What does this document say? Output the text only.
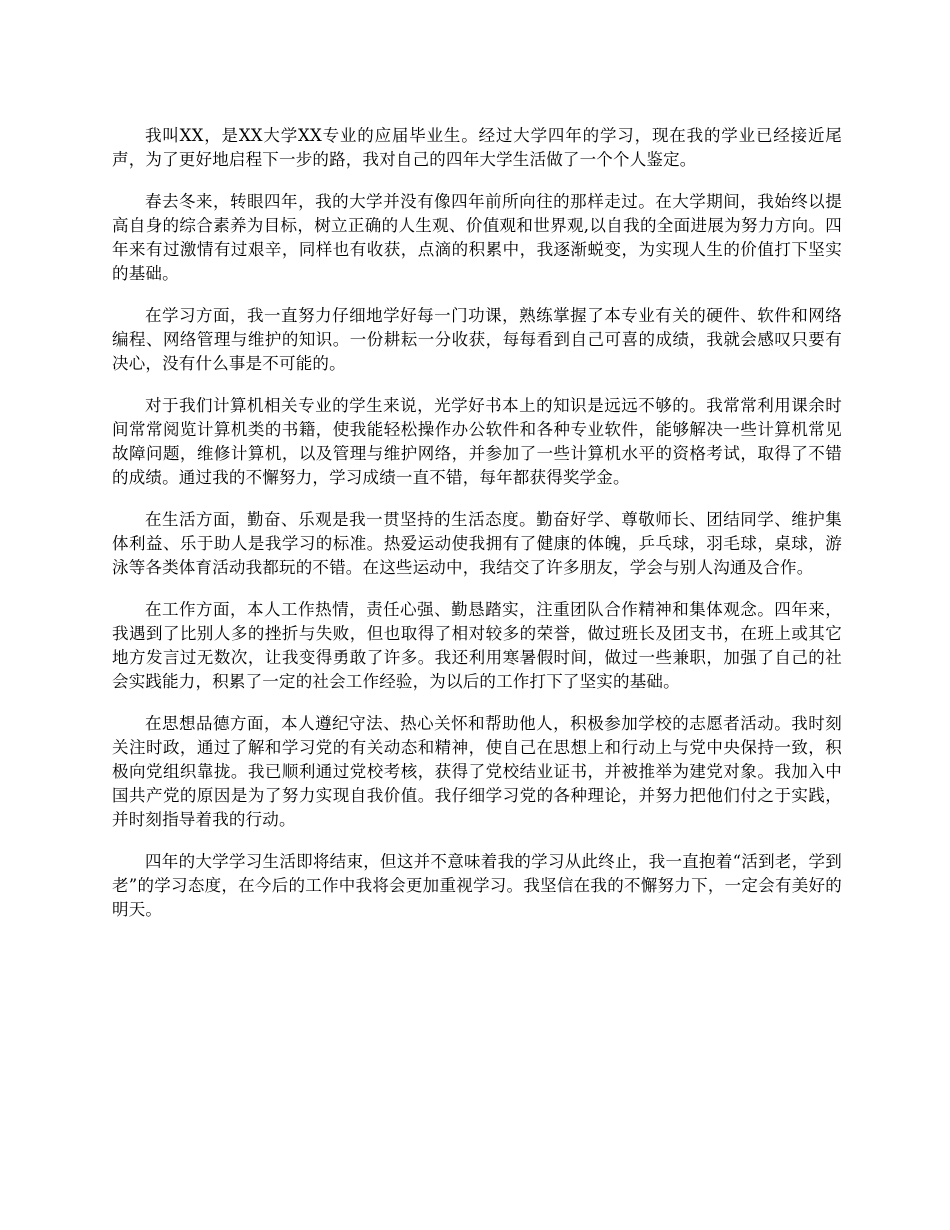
我叫XX，是XX大学XX专业的应届毕业生。经过大学四年的学习，现在我的学业已经接近尾声，为了更好地启程下一步的路，我对自己的四年大学生活做了一个个人鉴定。

春去冬来，转眼四年，我的大学并没有像四年前所向往的那样走过。在大学期间，我始终以提高自身的综合素养为目标，树立正确的人生观、价值观和世界观,以自我的全面进展为努力方向。四年来有过激情有过艰辛，同样也有收获，点滴的积累中，我逐渐蜕变，为实现人生的价值打下坚实的基础。

在学习方面，我一直努力仔细地学好每一门功课，熟练掌握了本专业有关的硬件、软件和网络编程、网络管理与维护的知识。一份耕耘一分收获，每每看到自己可喜的成绩，我就会感叹只要有决心，没有什么事是不可能的。

对于我们计算机相关专业的学生来说，光学好书本上的知识是远远不够的。我常常利用课余时间常常阅览计算机类的书籍，使我能轻松操作办公软件和各种专业软件，能够解决一些计算机常见故障问题，维修计算机，以及管理与维护网络，并参加了一些计算机水平的资格考试，取得了不错的成绩。通过我的不懈努力，学习成绩一直不错，每年都获得奖学金。

在生活方面，勤奋、乐观是我一贯坚持的生活态度。勤奋好学、尊敬师长、团结同学、维护集体利益、乐于助人是我学习的标准。热爱运动使我拥有了健康的体魄，乒乓球，羽毛球，桌球，游泳等各类体育活动我都玩的不错。在这些运动中，我结交了许多朋友，学会与别人沟通及合作。

在工作方面，本人工作热情，责任心强、勤恳踏实，注重团队合作精神和集体观念。四年来，我遇到了比别人多的挫折与失败，但也取得了相对较多的荣誉，做过班长及团支书，在班上或其它地方发言过无数次，让我变得勇敢了许多。我还利用寒暑假时间，做过一些兼职，加强了自己的社会实践能力，积累了一定的社会工作经验，为以后的工作打下了坚实的基础。

在思想品德方面，本人遵纪守法、热心关怀和帮助他人，积极参加学校的志愿者活动。我时刻关注时政，通过了解和学习党的有关动态和精神，使自己在思想上和行动上与党中央保持一致，积极向党组织靠拢。我已顺利通过党校考核，获得了党校结业证书，并被推举为建党对象。我加入中国共产党的原因是为了努力实现自我价值。我仔细学习党的各种理论，并努力把他们付之于实践，并时刻指导着我的行动。

四年的大学学习生活即将结束，但这并不意味着我的学习从此终止，我一直抱着“活到老，学到老”的学习态度，在今后的工作中我将会更加重视学习。我坚信在我的不懈努力下，一定会有美好的明天。
